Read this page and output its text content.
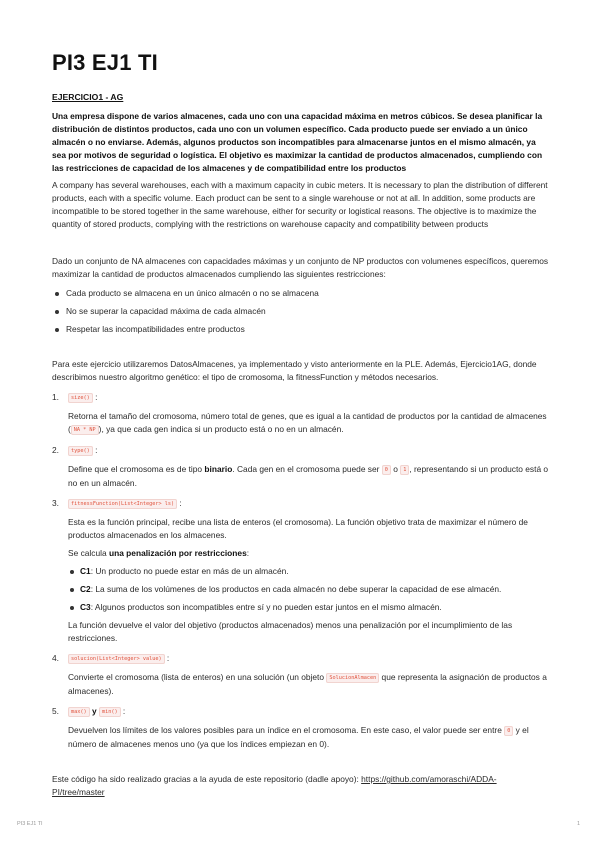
PI3 EJ1 TI
EJERCICIO1 - AG

Una empresa dispone de varios almacenes, cada uno con una capacidad máxima en metros cúbicos. Se desea planificar la distribución de distintos productos, cada uno con un volumen específico. Cada producto puede ser enviado a un único almacén o no enviarse. Además, algunos productos son incompatibles para almacenarse juntos en el mismo almacén, ya sea por motivos de seguridad o logística. El objetivo es maximizar la cantidad de productos almacenados, cumpliendo con las restricciones de capacidad de los almacenes y de compatibilidad entre los productos

A company has several warehouses, each with a maximum capacity in cubic meters. It is necessary to plan the distribution of different products, each with a specific volume. Each product can be sent to a single warehouse or not at all. In addition, some products are incompatible to be stored together in the same warehouse, either for security or logistical reasons. The objective is to maximize the quantity of stored products, complying with the restrictions on warehouse capacity and compatibility between products

Dado un conjunto de NA almacenes con capacidades máximas y un conjunto de NP productos con volumenes específicos, queremos maximizar la cantidad de productos almacenados cumpliendo las siguientes restricciones:

Cada producto se almacena en un único almacén o no se almacena
No se superar la capacidad máxima de cada almacén
Respetar las incompatibilidades entre productos

Para este ejercicio utilizaremos DatosAlmacenes, ya implementado y visto anteriormente en la PLE. Además, Ejercicio1AG, donde describimos nuestro algoritmo genético: el tipo de cromosoma, la fitnessFunction y métodos necesarios.

1.	size() :
Retorna el tamaño del cromosoma, número total de genes, que es igual a la cantidad de productos por la cantidad de almacenes ( NA * NP ), ya que cada gen indica si un producto está o no en un almacén.
2.	type() :
Define que el cromosoma es de tipo binario. Cada gen en el cromosoma puede ser 0 o 1 , representando si un producto está o no en un almacén.
3.	fitnessFunction(List<Integer> ls) :
Esta es la función principal, recibe una lista de enteros (el cromosoma). La función objetivo trata de maximizar el número de productos almacenados en los almacenes.
Se calcula una penalización por restricciones:
C1: Un producto no puede estar en más de un almacén.
C2: La suma de los volúmenes de los productos en cada almacén no debe superar la capacidad de ese almacén.
C3: Algunos productos son incompatibles entre sí y no pueden estar juntos en el mismo almacén.
La función devuelve el valor del objetivo (productos almacenados) menos una penalización por el incumplimiento de las restricciones.
4.	solucion(List<Integer> value) :
Convierte el cromosoma (lista de enteros) en una solución (un objeto SolucionAlmacen que representa la asignación de productos a almacenes).
5.	max() y min() :
Devuelven los límites de los valores posibles para un índice en el cromosoma. En este caso, el valor puede ser entre 0 y el número de almacenes menos uno (ya que los índices empiezan en 0).

Este código ha sido realizado gracias a la ayuda de este repositorio (dadle apoyo): https://github.com/amoraschi/ADDA-PI/tree/master

PI3 EJ1 TI	1
